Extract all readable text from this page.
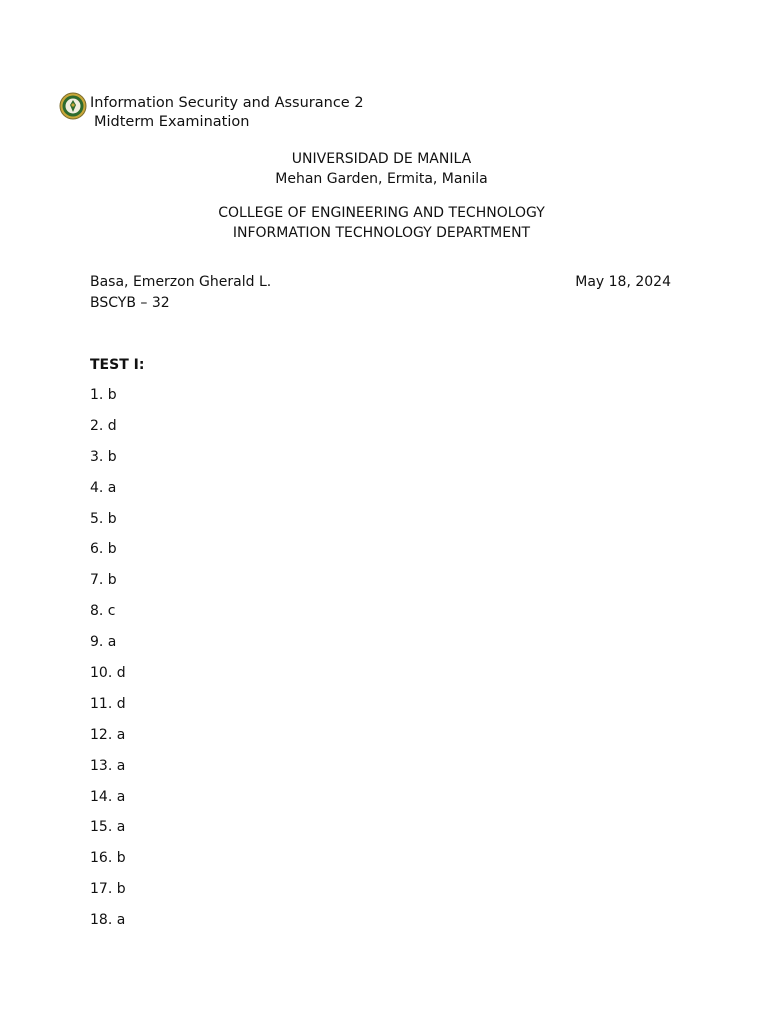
Information Security and Assurance 2
Midterm Examination
UNIVERSIDAD DE MANILA
Mehan Garden, Ermita, Manila
COLLEGE OF ENGINEERING AND TECHNOLOGY
INFORMATION TECHNOLOGY DEPARTMENT
Basa, Emerzon Gherald L.
BSCYB – 32
May 18, 2024
TEST I:
1. b
2. d
3. b
4. a
5. b
6. b
7. b
8. c
9. a
10. d
11. d
12. a
13. a
14. a
15. a
16. b
17. b
18. a
